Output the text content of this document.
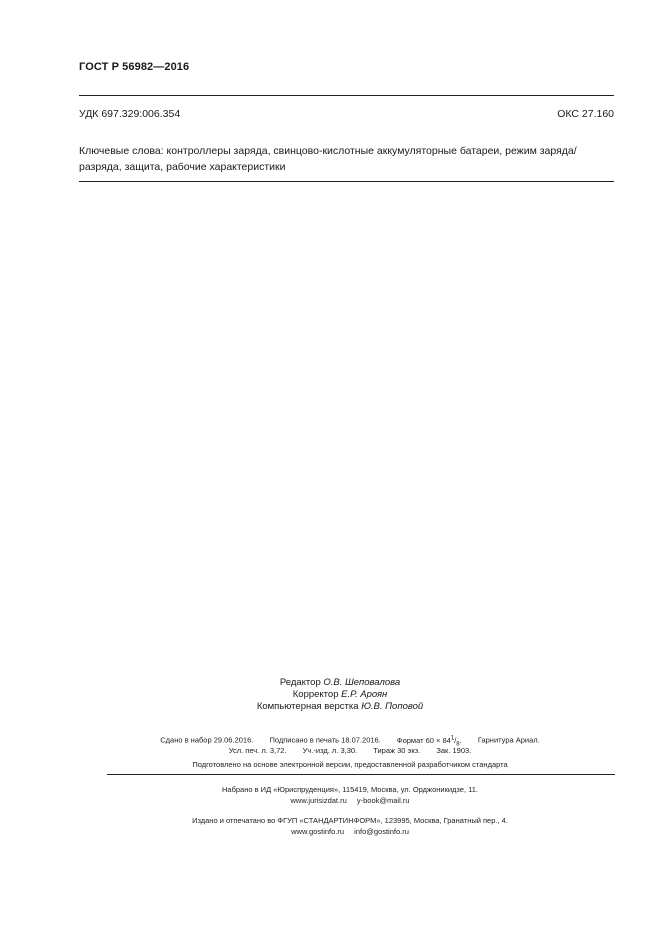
ГОСТ Р 56982—2016
УДК 697.329:006.354	ОКС 27.160
Ключевые слова: контроллеры заряда, свинцово-кислотные аккумуляторные батареи, режим заряда/
разряда, защита, рабочие характеристики
Редактор О.В. Шеповалова
Корректор Е.Р. Ароян
Компьютерная верстка Ю.В. Поповой
Сдано в набор 29.06.2016. Подписано в печать 18.07.2016. Формат $60 \times 84^1/_8$. Гарнитура Ариал.
Усл. печ. л. 3,72. Уч.-изд. л. 3,30. Тираж 30 экз. Зак. 1903.
Подготовлено на основе электронной версии, предоставленной разработчиком стандарта
Набрано в ИД «Юриспруденция», 115419, Москва, ул. Орджоникидзе, 11.
www.jurisizdat.ru y-book@mail.ru
Издано и отпечатано во ФГУП «СТАНДАРТИНФОРМ», 123995, Москва, Гранатный пер., 4.
www.gostinfo.ru info@gostinfo.ru
